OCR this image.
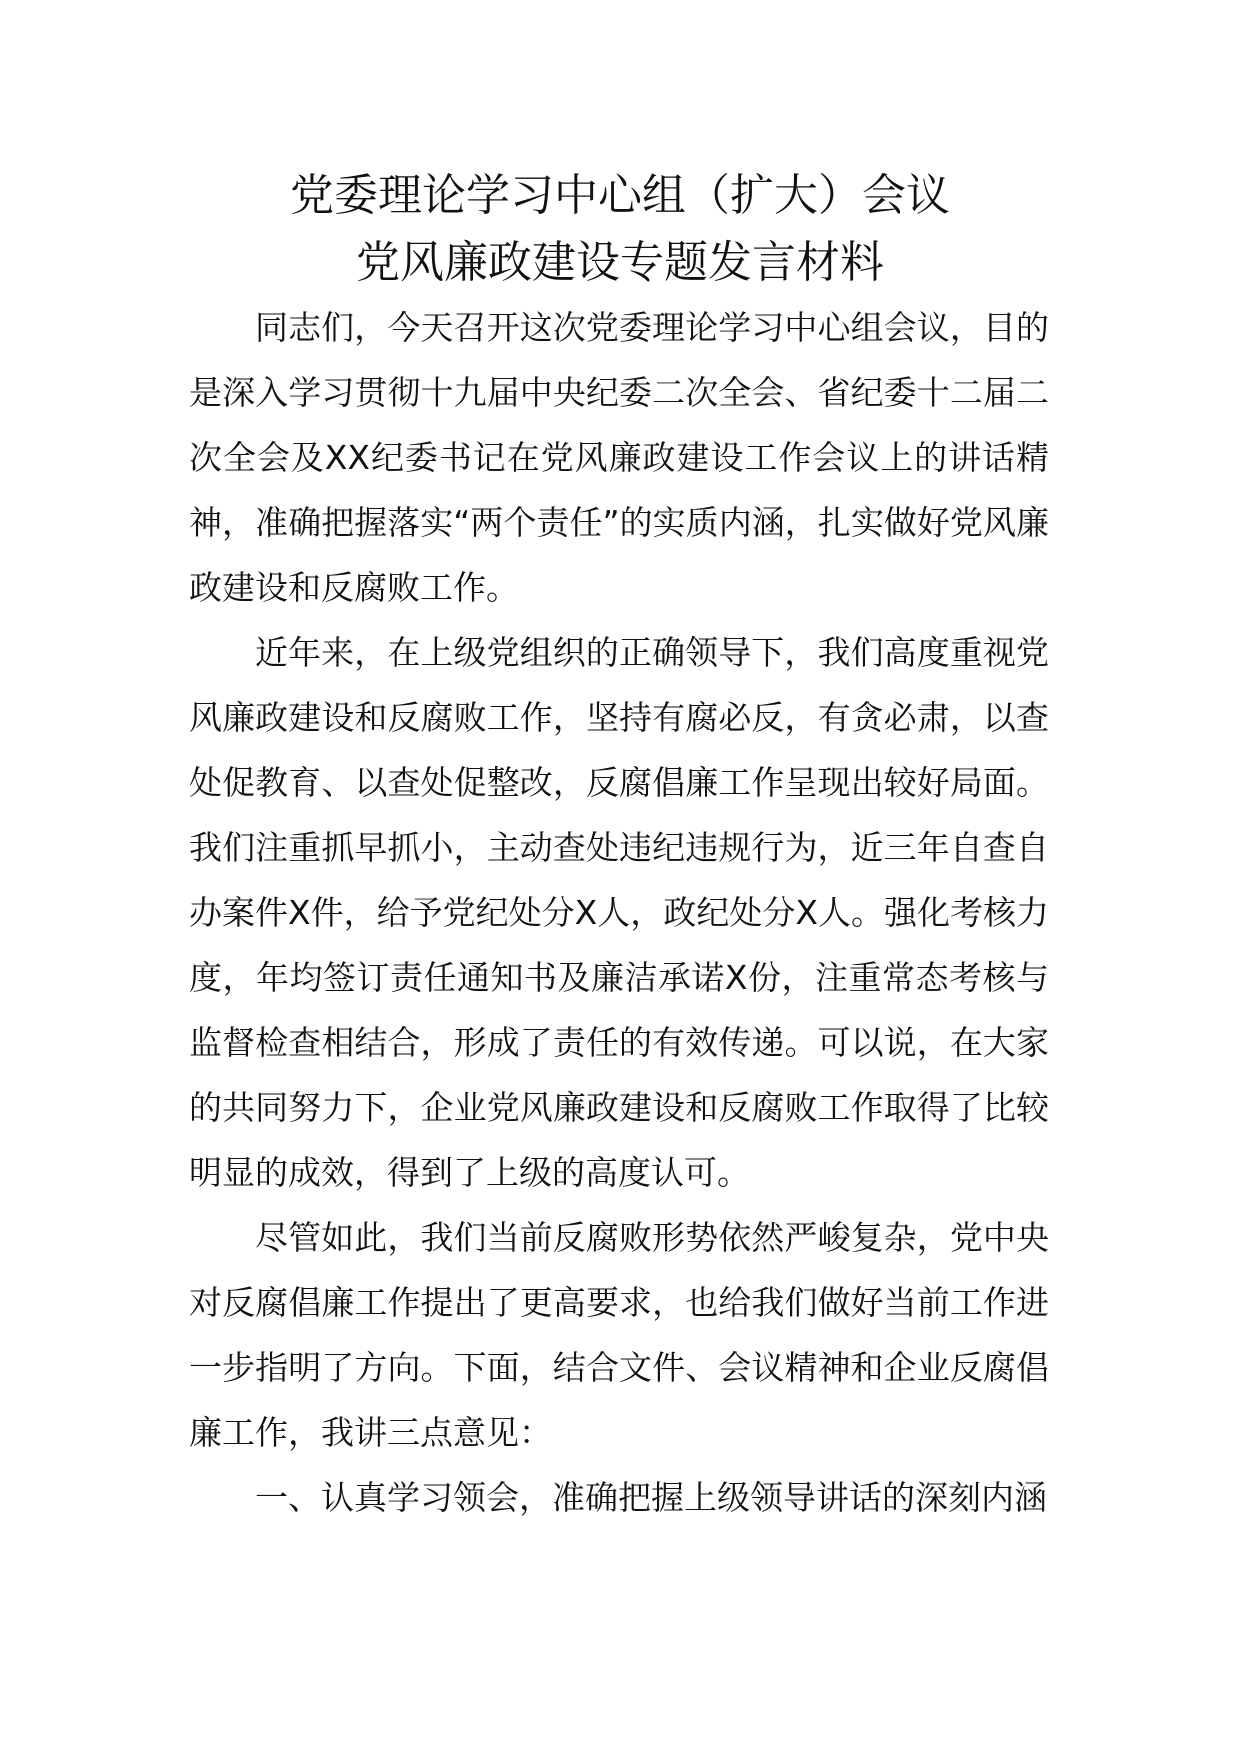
党委理论学习中心组（扩大）会议
党风廉政建设专题发言材料

同志们，今天召开这次党委理论学习中心组会议，目的是深入学习贯彻十九届中央纪委二次全会、省纪委十二届二次全会及XX纪委书记在党风廉政建设工作会议上的讲话精神，准确把握落实“两个责任”的实质内涵，扎实做好党风廉政建设和反腐败工作。

近年来，在上级党组织的正确领导下，我们高度重视党风廉政建设和反腐败工作，坚持有腐必反，有贪必肃，以查处促教育、以查处促整改，反腐倡廉工作呈现出较好局面。我们注重抓早抓小，主动查处违纪违规行为，近三年自查自办案件X件，给予党纪处分X人，政纪处分X人。强化考核力度，年均签订责任通知书及廉洁承诺X份，注重常态考核与监督检查相结合，形成了责任的有效传递。可以说，在大家的共同努力下，企业党风廉政建设和反腐败工作取得了比较明显的成效，得到了上级的高度认可。

尽管如此，我们当前反腐败形势依然严峻复杂，党中央对反腐倡廉工作提出了更高要求，也给我们做好当前工作进一步指明了方向。下面，结合文件、会议精神和企业反腐倡廉工作，我讲三点意见：

一、认真学习领会，准确把握上级领导讲话的深刻内涵
